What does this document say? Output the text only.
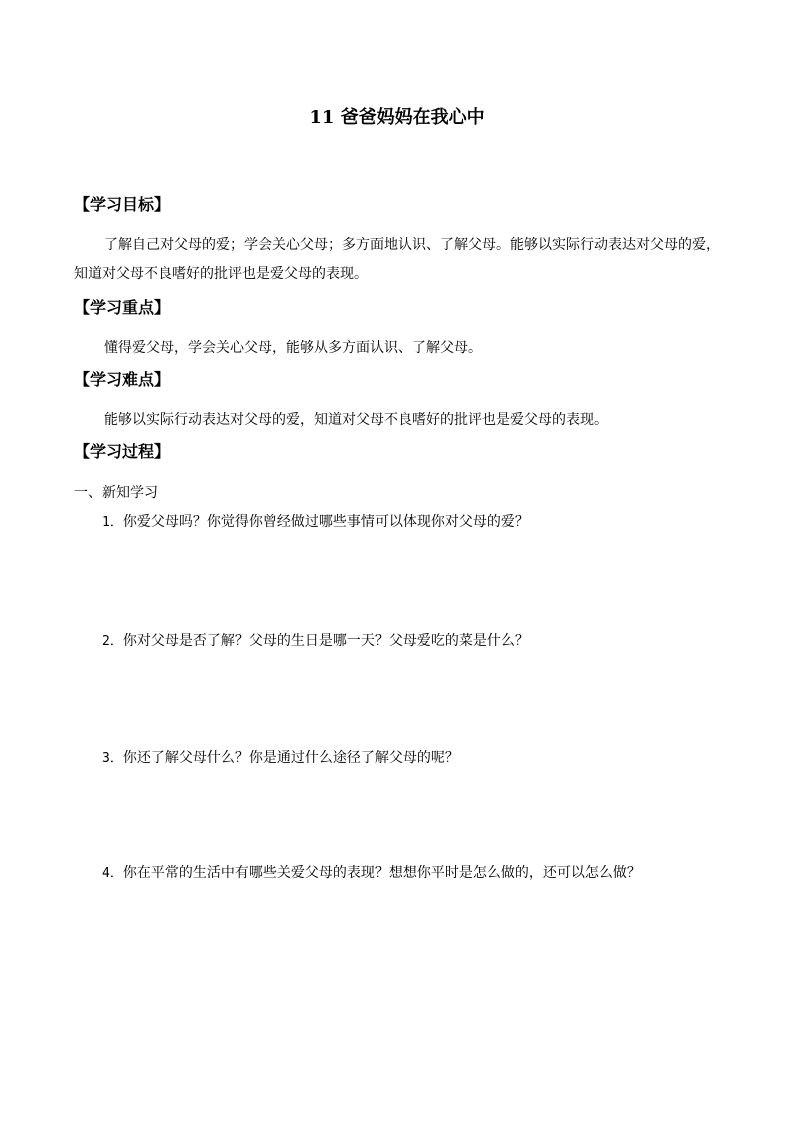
11 爸爸妈妈在我心中
【学习目标】
了解自己对父母的爱；学会关心父母；多方面地认识、了解父母。能够以实际行动表达对父母的爱，知道对父母不良嗜好的批评也是爱父母的表现。
【学习重点】
懂得爱父母，学会关心父母，能够从多方面认识、了解父母。
【学习难点】
能够以实际行动表达对父母的爱，知道对父母不良嗜好的批评也是爱父母的表现。
【学习过程】
一、新知学习
1．你爱父母吗？你觉得你曾经做过哪些事情可以体现你对父母的爱？
2．你对父母是否了解？父母的生日是哪一天？父母爱吃的菜是什么？
3．你还了解父母什么？你是通过什么途径了解父母的呢？
4．你在平常的生活中有哪些关爱父母的表现？想想你平时是怎么做的，还可以怎么做？
